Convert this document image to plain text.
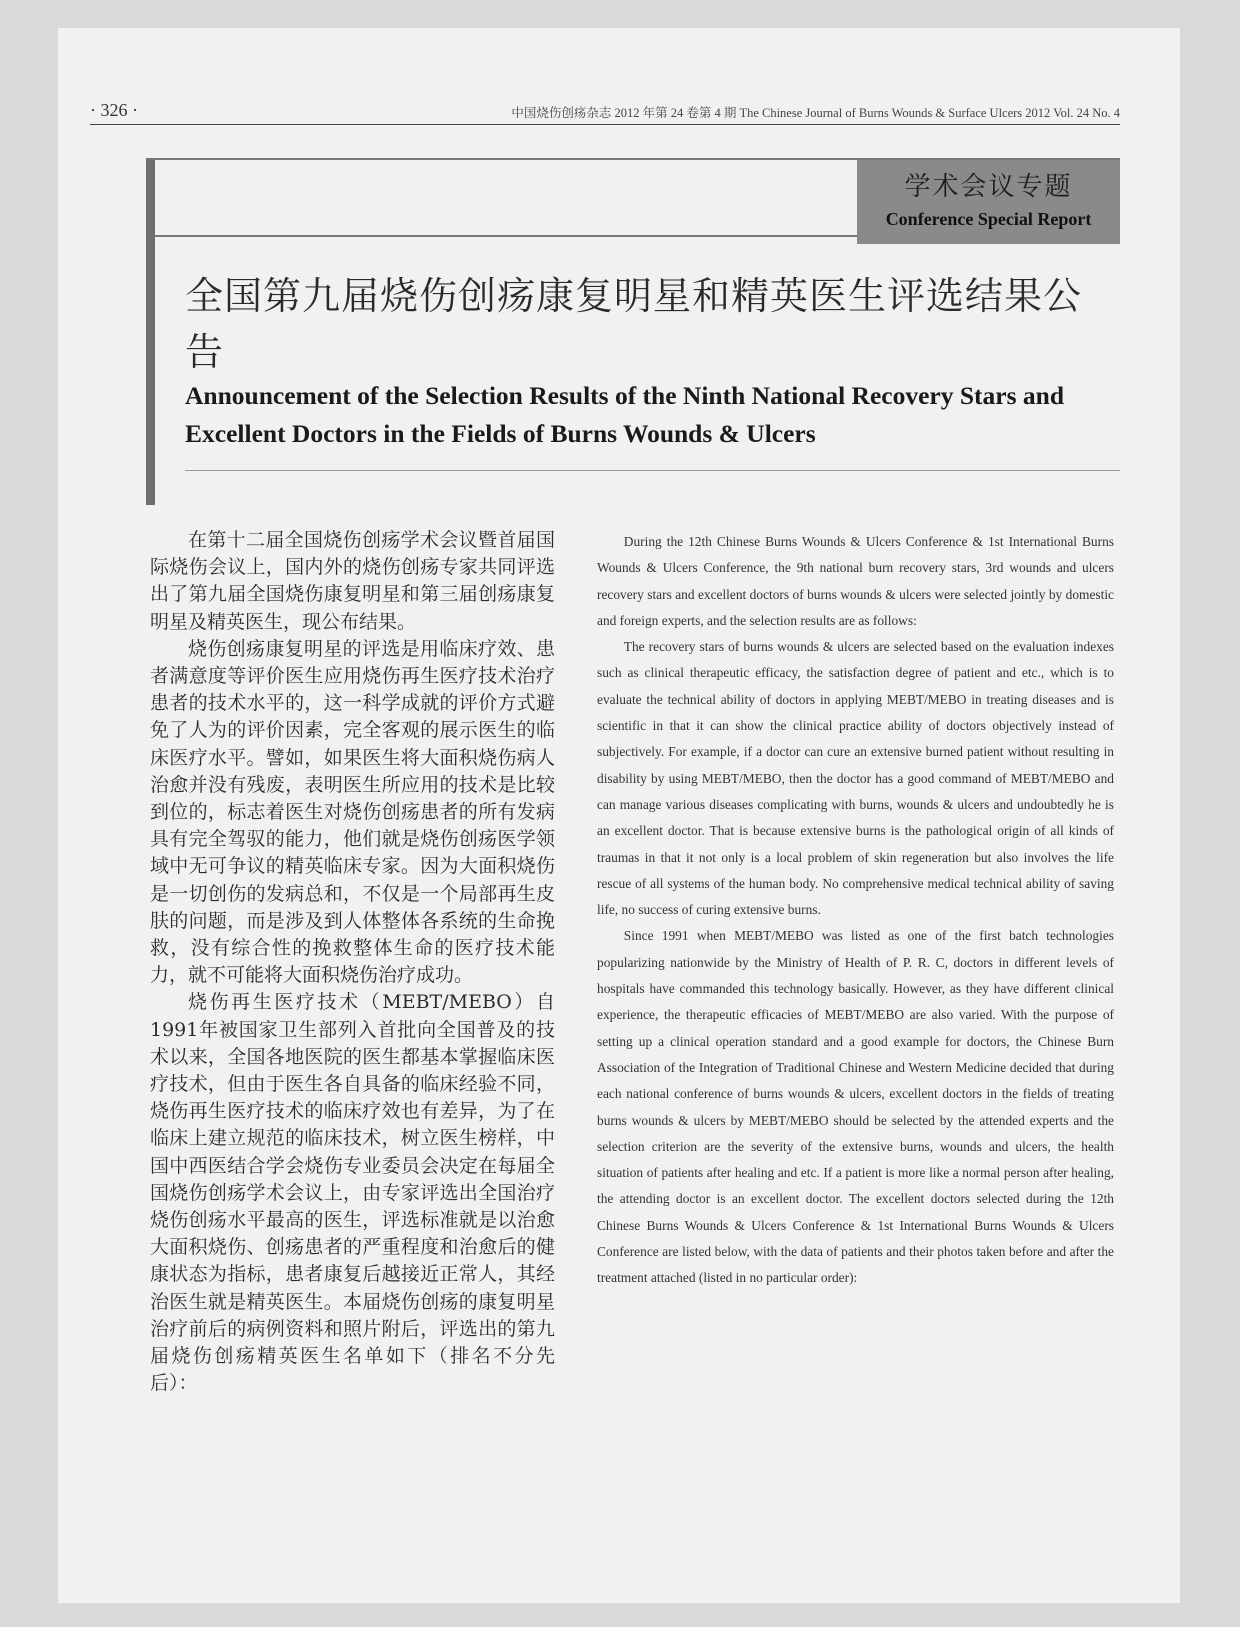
· 326 ·	中国烧伤创疡杂志 2012 年第 24 卷第 4 期 The Chinese Journal of Burns Wounds & Surface Ulcers 2012 Vol. 24 No. 4
学术会议专题
Conference Special Report
全国第九届烧伤创疡康复明星和精英医生评选结果公告
Announcement of the Selection Results of the Ninth National Recovery Stars and Excellent Doctors in the Fields of Burns Wounds & Ulcers

在第十二届全国烧伤创疡学术会议暨首届国际烧伤会议上，国内外的烧伤创疡专家共同评选出了第九届全国烧伤康复明星和第三届创疡康复明星及精英医生，现公布结果。

烧伤创疡康复明星的评选是用临床疗效、患者满意度等评价医生应用烧伤再生医疗技术治疗患者的技术水平的，这一科学成就的评价方式避免了人为的评价因素，完全客观的展示医生的临床医疗水平。譬如，如果医生将大面积烧伤病人治愈并没有残废，表明医生所应用的技术是比较到位的，标志着医生对烧伤创疡患者的所有发病具有完全驾驭的能力，他们就是烧伤创疡医学领域中无可争议的精英临床专家。因为大面积烧伤是一切创伤的发病总和，不仅是一个局部再生皮肤的问题，而是涉及到人体整体各系统的生命挽救，没有综合性的挽救整体生命的医疗技术能力，就不可能将大面积烧伤治疗成功。

烧伤再生医疗技术（MEBT/MEBO）自1991年被国家卫生部列入首批向全国普及的技术以来，全国各地医院的医生都基本掌握临床医疗技术，但由于医生各自具备的临床经验不同，烧伤再生医疗技术的临床疗效也有差异，为了在临床上建立规范的临床技术，树立医生榜样，中国中西医结合学会烧伤专业委员会决定在每届全国烧伤创疡学术会议上，由专家评选出全国治疗烧伤创疡水平最高的医生，评选标准就是以治愈大面积烧伤、创疡患者的严重程度和治愈后的健康状态为指标，患者康复后越接近正常人，其经治医生就是精英医生。本届烧伤创疡的康复明星治疗前后的病例资料和照片附后，评选出的第九届烧伤创疡精英医生名单如下（排名不分先后）：

During the 12th Chinese Burns Wounds & Ulcers Conference & 1st International Burns Wounds & Ulcers Conference, the 9th national burn recovery stars, 3rd wounds and ulcers recovery stars and excellent doctors of burns wounds & ulcers were selected jointly by domestic and foreign experts, and the selection results are as follows:

The recovery stars of burns wounds & ulcers are selected based on the evaluation indexes such as clinical therapeutic efficacy, the satisfaction degree of patient and etc., which is to evaluate the technical ability of doctors in applying MEBT/MEBO in treating diseases and is scientific in that it can show the clinical practice ability of doctors objectively instead of subjectively. For example, if a doctor can cure an extensive burned patient without resulting in disability by using MEBT/MEBO, then the doctor has a good command of MEBT/MEBO and can manage various diseases complicating with burns, wounds & ulcers and undoubtedly he is an excellent doctor. That is because extensive burns is the pathological origin of all kinds of traumas in that it not only is a local problem of skin regeneration but also involves the life rescue of all systems of the human body. No comprehensive medical technical ability of saving life, no success of curing extensive burns.

Since 1991 when MEBT/MEBO was listed as one of the first batch technologies popularizing nationwide by the Ministry of Health of P. R. C, doctors in different levels of hospitals have commanded this technology basically. However, as they have different clinical experience, the therapeutic efficacies of MEBT/MEBO are also varied. With the purpose of setting up a clinical operation standard and a good example for doctors, the Chinese Burn Association of the Integration of Traditional Chinese and Western Medicine decided that during each national conference of burns wounds & ulcers, excellent doctors in the fields of treating burns wounds & ulcers by MEBT/MEBO should be selected by the attended experts and the selection criterion are the severity of the extensive burns, wounds and ulcers, the health situation of patients after healing and etc. If a patient is more like a normal person after healing, the attending doctor is an excellent doctor. The excellent doctors selected during the 12th Chinese Burns Wounds & Ulcers Conference & 1st International Burns Wounds & Ulcers Conference are listed below, with the data of patients and their photos taken before and after the treatment attached (listed in no particular order):
